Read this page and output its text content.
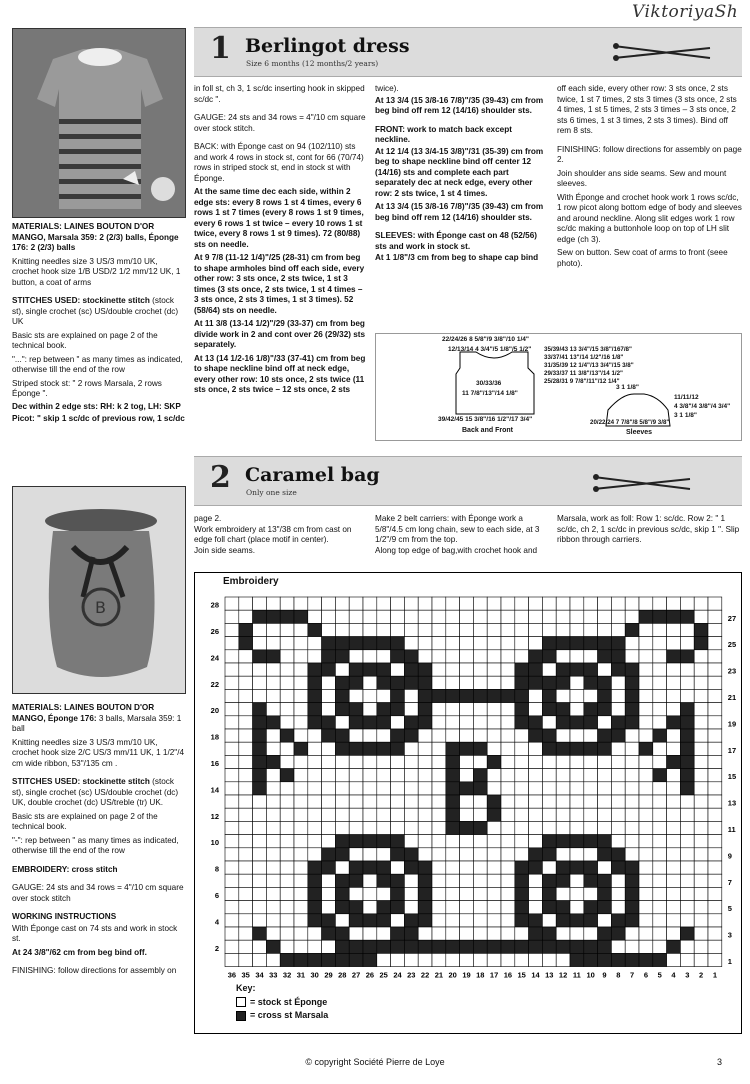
ViktoriyaSh
1 Berlingot dress
Size 6 months (12 months/2 years)

MATERIALS: LAINES BOUTON D'OR MANGO, Marsala 359: 2 (2/3) balls, Éponge 176: 2 (2/3) balls

Knitting needles size 3 US/3 mm/10 UK, crochet hook size 1/B USD/2 1/2 mm/12 UK, 1 button, a coat of arms

STITCHES USED: stockinette stitch (stock st), single crochet (sc) US/double crochet (dc) UK

Basic sts are explained on page 2 of the technical book.

"...": rep between " as many times as indicated, otherwise till the end of the row

Striped stock st: " 2 rows Marsala, 2 rows Éponge ".

Dec within 2 edge sts: RH: k 2 tog, LH: SKP

Picot: " skip 1 sc/dc of previous row, 1 sc/dc

in foll st, ch 3, 1 sc/dc inserting hook in skipped sc/dc ".

GAUGE: 24 sts and 34 rows = 4"/10 cm square over stock stitch.

BACK: with Éponge cast on 94 (102/110) sts and work 4 rows in stock st, cont for 66 (70/74) rows in striped stock st, end in stock st with Éponge.

At the same time dec each side, within 2 edge sts: every 8 rows 1 st 4 times, every 6 rows 1 st 7 times (every 8 rows 1 st 9 times, every 6 rows 1 st twice – every 10 rows 1 st twice, every 8 rows 1 st 9 times). 72 (80/88) sts on needle.

At 9 7/8 (11-12 1/4)"/25 (28-31) cm from beg to shape armholes bind off each side, every other row: 3 sts once, 2 sts twice, 1 st 3 times (3 sts once, 2 sts twice, 1 st 4 times – 3 sts once, 2 sts 3 times, 1 st 3 times). 52 (58/64) sts on needle.

At 11 3/8 (13-14 1/2)"/29 (33-37) cm from beg divide work in 2 and cont over 26 (29/32) sts separately.

At 13 (14 1/2-16 1/8)"/33 (37-41) cm from beg to shape neckline bind off at neck edge, every other row: 10 sts once, 2 sts twice (11 sts once, 2 sts twice – 12 sts once, 2 sts

twice).

At 13 3/4 (15 3/8-16 7/8)"/35 (39-43) cm from beg bind off rem 12 (14/16) shoulder sts.

FRONT: work to match back except neckline.

At 12 1/4 (13 3/4-15 3/8)"/31 (35-39) cm from beg to shape neckline bind off center 12 (14/16) sts and complete each part separately dec at neck edge, every other row: 2 sts twice, 1 st 4 times.

At 13 3/4 (15 3/8-16 7/8)"/35 (39-43) cm from beg bind off rem 12 (14/16) shoulder sts.

SLEEVES: with Éponge cast on 48 (52/56) sts and work in stock st.

At 1 1/8"/3 cm from beg to shape cap bind

off each side, every other row: 3 sts once, 2 sts twice, 1 st 7 times, 2 sts 3 times (3 sts once, 2 sts 4 times, 1 st 5 times, 2 sts 3 times – 3 sts once, 2 sts 6 times, 1 st 3 times, 2 sts 3 times). Bind off rem 8 sts.

FINISHING: follow directions for assembly on page 2.

Join shoulder ans side seams. Sew and mount sleeves.

With Éponge and crochet hook work 1 rows sc/dc, 1 row picot along bottom edge of body and sleeves and around neckline. Along slit edges work 1 row sc/dc making a buttonhole loop on top of LH slit edge (ch 3).

Sew on button. Sew coat of arms to front (seee photo).

22/24/26 8 5/8"/9 3/8"/10 1/4"
12/13/14 4 3/4"/5 1/8"/5 1/2"
30/33/36
11 7/8"/13"/14 1/8"
39/42/45 15 3/8"/16 1/2"/17 3/4"
Back and Front
35/39/43 13 3/4"/15 3/8"/167/8"
33/37/41 13"/14 1/2"/16 1/8"
31/35/39 12 1/4"/13 3/4"/15 3/8"
29/33/37 11 3/8"/13"/14 1/2"
25/28/31 9 7/8"/11"/12 1/4"
3 1 1/8"
11/11/12
4 3/8"/4 3/8"/4 3/4"
3 1 1/8"
20/22/24 7 7/8"/8 5/8"/9 3/8"
Sleeves
B
2 Caramel bag
Only one size

MATERIALS: LAINES BOUTON D'OR MANGO, Éponge 176: 3 balls, Marsala 359: 1 ball

Knitting needles size 3 US/3 mm/10 UK, crochet hook size 2/C US/3 mm/11 UK, 1 1/2"/4 cm wide ribbon, 53"/135 cm .

STITCHES USED: stockinette stitch (stock st), single crochet (sc) US/double crochet (dc) UK, double crochet (dc) US/treble (tr) UK.

Basic sts are explained on page 2 of the technical book.

"-": rep between " as many times as indicated, otherwise till the end of the row

EMBROIDERY: cross stitch

GAUGE: 24 sts and 34 rows = 4"/10 cm square over stock stitch

WORKING INSTRUCTIONS

With Éponge cast on 74 sts and work in stock st.

At 24 3/8"/62 cm from beg bind off.

FINISHING: follow directions for assembly on

page 2.

Work embroidery at 13"/38 cm from cast on edge foll chart (place motif in center).

Join side seams.

Make 2 belt carriers: with Éponge work a 5/8"/4.5 cm long chain, sew to each side, at 3 1/2"/9 cm from the top.

Along top edge of bag,with crochet hook and

Marsala, work as foll: Row 1: sc/dc. Row 2: " 1 sc/dc, ch 2, 1 sc/dc in previous sc/dc, skip 1 ". Slip ribbon through carriers.

Embroidery
36 35 34 33 32 31 30 29 28 27 26 25 24 23 22 21 20 19 18 17 16 15 14 13 12 11 10 9 8 7 6 5 4 3 2 1
28
26
24
22
20
18
16
14
12
10
8
6
4
2
27
25
23
21
19
17
15
13
11
9
7
5
3
1
Key:
= stock st Éponge
= cross st Marsala
© copyright Société Pierre de Loye	3
